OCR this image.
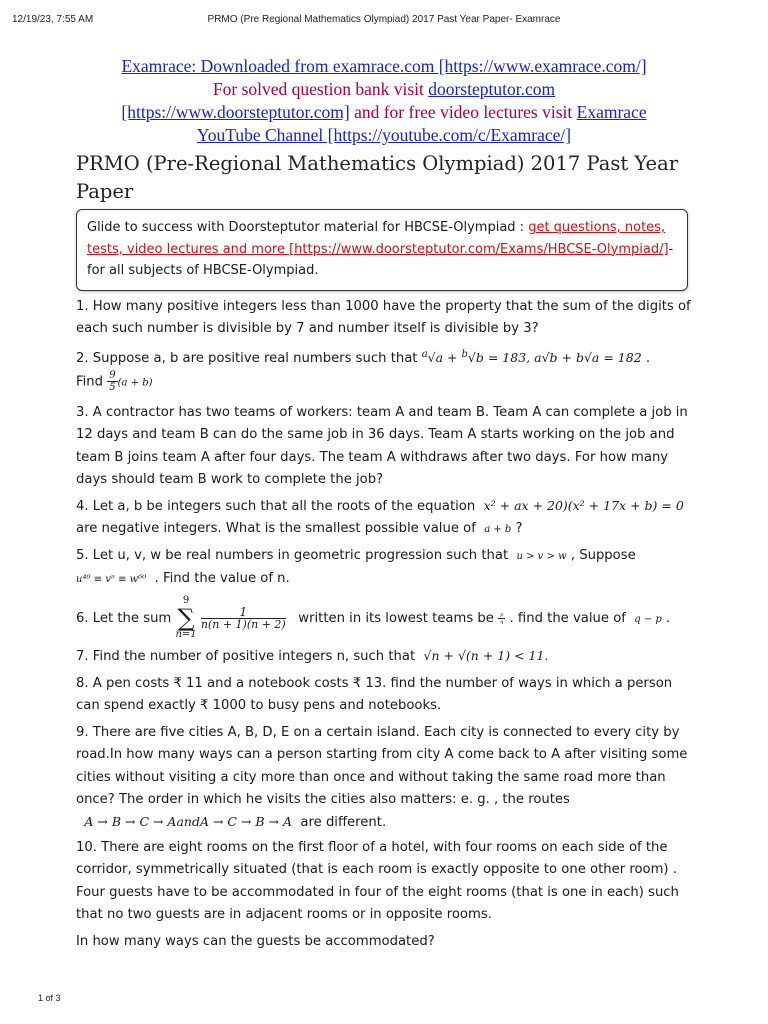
12/19/23, 7:55 AM	PRMO (Pre Regional Mathematics Olympiad) 2017 Past Year Paper- Examrace
Examrace: Downloaded from examrace.com [https://www.examrace.com/]
For solved question bank visit doorsteptutor.com
[https://www.doorsteptutor.com] and for free video lectures visit Examrace
YouTube Channel [https://youtube.com/c/Examrace/]
PRMO (Pre-Regional Mathematics Olympiad) 2017 Past Year Paper
Glide to success with Doorsteptutor material for HBCSE-Olympiad : get questions, notes, tests, video lectures and more [https://www.doorsteptutor.com/Exams/HBCSE-Olympiad/]- for all subjects of HBCSE-Olympiad.
1. How many positive integers less than 1000 have the property that the sum of the digits of each such number is divisible by 7 and number itself is divisible by 3?
2. Suppose a, b are positive real numbers such that $^a$√a + $^b$√b = 183, a√b + b√a = 182 .
Find $\frac{9}{5} (a + b)$
3. A contractor has two teams of workers: team A and team B. Team A can complete a job in 12 days and team B can do the same job in 36 days. Team A starts working on the job and team B joins team A after four days. The team A withdraws after two days. For how many days should team B work to complete the job?
4. Let a, b be integers such that all the roots of the equation x² + ax + 20)(x² + 17x + b) = 0
are negative integers. What is the smallest possible value of a + b ?
5. Let u, v, w be real numbers in geometric progression such that u > v > w , Suppose
u⁴⁰ ≡ vⁿ ≡ w⁶⁰ . Find the value of n.
6. Let the sum
9
∑
n=1

$\frac{1}{n(n + 1)(n + 2)}$ written in its lowest teams be $\frac{p}{q}$ . find the value of q − p .
7. Find the number of positive integers n, such that √n + √(n + 1) < 11.
8. A pen costs ₹ 11 and a notebook costs ₹ 13. find the number of ways in which a person can spend exactly ₹ 1000 to busy pens and notebooks.
9. There are five cities A, B, D, E on a certain island. Each city is connected to every city by road.In how many ways can a person starting from city A come back to A after visiting some cities without visiting a city more than once and without taking the same road more than once? The order in which he visits the cities also matters: e. g. , the routes
A → B → C → AandA → C → B → A are different.
10. There are eight rooms on the first floor of a hotel, with four rooms on each side of the corridor, symmetrically situated (that is each room is exactly opposite to one other room) . Four guests have to be accommodated in four of the eight rooms (that is one in each) such that no two guests are in adjacent rooms or in opposite rooms.
In how many ways can the guests be accommodated?
1 of 3
